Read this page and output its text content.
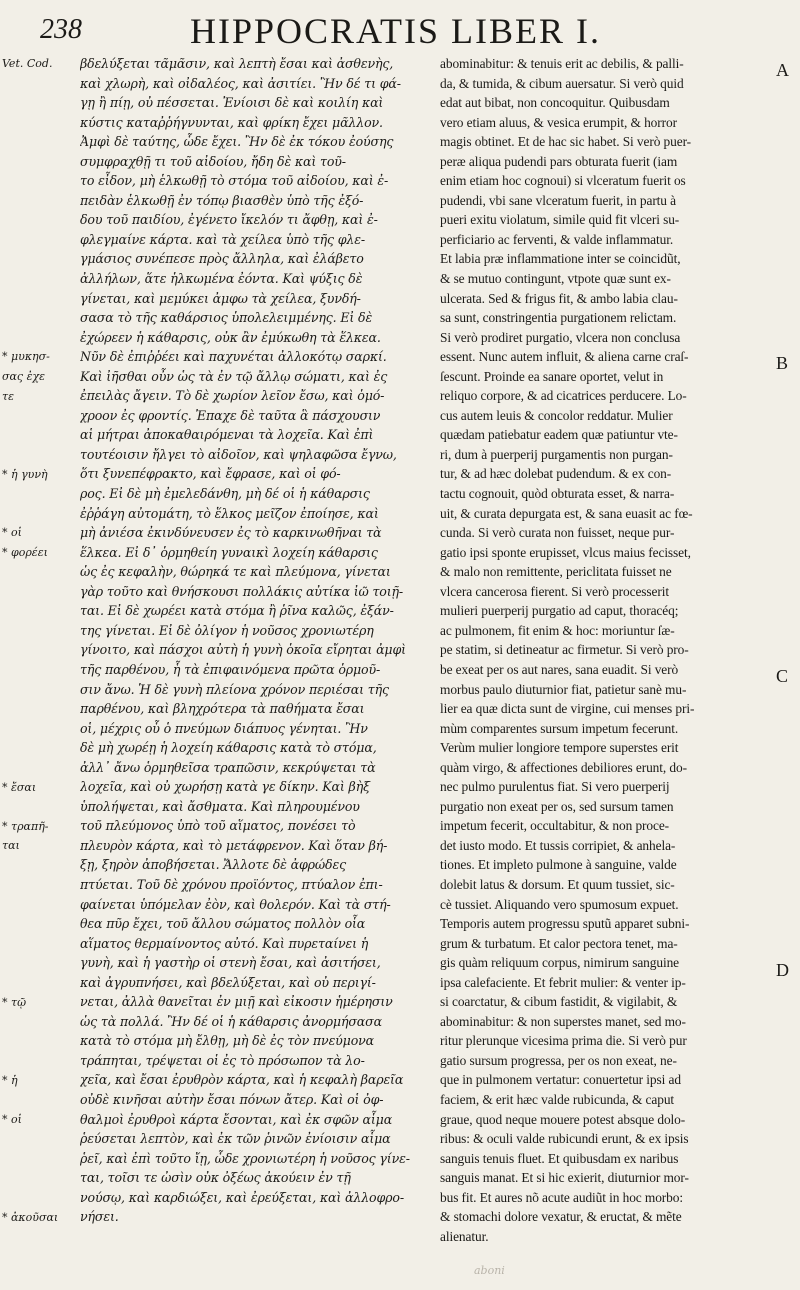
238	HIPPOCRATIS LIBER I.
Vet. Cod.
* μυκησ-
σας ἐχε
τε
* ἡ γυνὴ
* οἱ
* φορέει
* ἔσαι
* τραπῆ-
ται
* τῷ
* ἡ
* οἱ
* ἀκοῦσαι
βδελύξεται τᾶμᾶσιν, καὶ λεπτὴ ἔσαι καὶ ἀσθενὴς,
καὶ χλωρὴ, καὶ οἰδαλέος, καὶ ἀσιτίει. Ἢν δέ τι φά-
γῃ ἢ πίῃ, οὐ πέσσεται. Ἐνίοισι δὲ καὶ κοιλίη καὶ
κύστις καταῤῥήγνυνται, καὶ φρίκη ἔχει μᾶλλον.
Ἀμφὶ δὲ ταύτης, ὧδε ἔχει. Ἢν δὲ ἐκ τόκου ἐούσης
συμφραχθῇ τι τοῦ αἰδοίου, ἤδη δὲ καὶ τοῦ-
το εἶδον, μὴ ἑλκωθῇ τὸ στόμα τοῦ αἰδοίου, καὶ ἐ-
πειδὰν ἑλκωθῇ ἐν τόπῳ βιασθὲν ὑπὸ τῆς ἐξό-
δου τοῦ παιδίου, ἐγένετο ἴκελόν τι ἄφθῃ, καὶ ἐ-
φλεγμαίνε κάρτα. καὶ τὰ χείλεα ὑπὸ τῆς φλε-
γμάσιος συνέπεσε πρὸς ἄλληλα, καὶ ἐλάβετο
ἀλλήλων, ἅτε ἡλκωμένα ἐόντα. Καὶ ψύξις δὲ
γίνεται, καὶ μεμύκει ἀμφω τὰ χείλεα, ξυνδή-
σασα τὸ τῆς καθάρσιος ὑπολελειμμένης. Εἰ δὲ
ἐχώρεεν ἡ κάθαρσις, οὐκ ἂν ἐμύκωθη τὰ ἕλκεα.
Νῦν δὲ ἐπιῤῥέει καὶ παχυνέται ἀλλοκότῳ σαρκί.
Καὶ ἰῆσθαι οὖν ὡς τὰ ἐν τῷ ἄλλῳ σώματι, καὶ ἐς
ἐπειλὰς ἄγειν. Τὸ δὲ χωρίον λεῖον ἔσω, καὶ ὁμό-
χροον ἐς φροντίς. Ἐπαχε δὲ ταῦτα ἃ πάσχουσιν
αἱ μήτραι ἀποκαθαιρόμεναι τὰ λοχεῖα. Καὶ ἐπὶ
τουτέοισιν ἤλγει τὸ αἰδοῖον, καὶ ψηλαφῶσα ἔγνω,
ὅτι ξυνεπέφρακτο, καὶ ἔφρασε, καὶ οἱ φό-
ρος. Εἰ δὲ μὴ ἐμελεδάνθη, μὴ δέ οἱ ἡ κάθαρσις
ἐῤῥάγη αὐτομάτη, τὸ ἕλκος μεῖζον ἐποίησε, καὶ
μὴ ἀνιέσα ἐκινδύνευσεν ἐς τὸ καρκινωθῆναι τὰ
ἕλκεα. Εἰ δ᾽ ὁρμηθείη γυναικὶ λοχείη κάθαρσις
ὡς ἐς κεφαλὴν, θώρηκά τε καὶ πλεύμονα, γίνεται
γὰρ τοῦτο καὶ θνήσκουσι πολλάκις αὐτίκα ἰῶ τοιῇ-
ται. Εἰ δὲ χωρέει κατὰ στόμα ἢ ῥῖνα καλῶς, ἐξάν-
της γίνεται. Εἰ δὲ ὀλίγον ἡ νοῦσος χρονιωτέρη
γίνοιτο, καὶ πάσχοι αὐτὴ ἡ γυνὴ ὁκοῖα εἴρηται ἀμφὶ
τῆς παρθένου, ἧ τὰ ἐπιφαινόμενα πρῶτα ὁρμοῦ-
σιν ἄνω. Ἡ δὲ γυνὴ πλείονα χρόνον περιέσαι τῆς
παρθένου, καὶ βληχρότερα τὰ παθήματα ἔσαι
οἱ, μέχρις οὗ ὁ πνεύμων διάπυος γένηται. Ἢν
δὲ μὴ χωρέῃ ἡ λοχείη κάθαρσις κατὰ τὸ στόμα,
ἀλλ᾽ ἄνω ὁρμηθεῖσα τραπῶσιν, κεκρύψεται τὰ
λοχεῖα, καὶ οὐ χωρήσῃ κατὰ γε δίκην. Καὶ βὴξ
ὑπολήψεται, καὶ ἄσθματα. Καὶ πληρουμένου
τοῦ πλεύμονος ὑπὸ τοῦ αἵματος, πονέσει τὸ
πλευρὸν κάρτα, καὶ τὸ μετάφρενον. Καὶ ὅταν βή-
ξῃ, ξηρὸν ἀποβήσεται. Ἄλλοτε δὲ ἀφρώδες
πτύεται. Τοῦ δὲ χρόνου προϊόντος, πτύαλον ἐπι-
φαίνεται ὑπόμελαν ἐὸν, καὶ θολερόν. Καὶ τὰ στή-
θεα πῦρ ἔχει, τοῦ ἄλλου σώματος πολλὸν οἷα
αἵματος θερμαίνοντος αὐτό. Καὶ πυρεταίνει ἡ
γυνὴ, καὶ ἡ γαστὴρ οἱ στενὴ ἔσαι, καὶ ἀσιτήσει,
καὶ ἀγρυπνήσει, καὶ βδελύξεται, καὶ οὐ περιγί-
νεται, ἀλλὰ θανεῖται ἐν μιῇ καὶ εἰκοσιν ἡμέρησιν
ὡς τὰ πολλά. Ἢν δέ οἱ ἡ κάθαρσις ἀνορμήσασα
κατὰ τὸ στόμα μὴ ἔλθῃ, μὴ δὲ ἐς τὸν πνεύμονα
τράπηται, τρέψεται οἱ ἐς τὸ πρόσωπον τὰ λο-
χεῖα, καὶ ἔσαι ἐρυθρὸν κάρτα, καὶ ἡ κεφαλὴ βαρεῖα
οὐδὲ κινῆσαι αὐτὴν ἔσαι πόνων ἄτερ. Καὶ οἱ ὀφ-
θαλμοὶ ἐρυθροὶ κάρτα ἔσονται, καὶ ἐκ σφῶν αἷμα
ῥεύσεται λεπτὸν, καὶ ἐκ τῶν ῥινῶν ἐνίοισιν αἷμα
ῥεῖ, καὶ ἐπὶ τοῦτο ἴῃ, ὧδε χρονιωτέρη ἡ νοῦσος γίνε-
ται, τοῖσι τε ὠσὶν οὐκ ὀξέως ἀκούειν ἐν τῇ
νούσῳ, καὶ καρδιώξει, καὶ ἐρεύξεται, καὶ ἀλλοφρο-
νήσει.
abominabitur: & tenuis erit ac debilis, & palli-
da, & tumida, & cibum auersatur. Si verò quid
edat aut bibat, non concoquitur. Quibusdam
vero etiam aluus, & vesica erumpit, & horror
magis obtinet. Et de hac sic habet. Si verò puer-
peræ aliqua pudendi pars obturata fuerit (iam
enim etiam hoc cognoui) si vlceratum fuerit os
pudendi, vbi sane vlceratum fuerit, in partu à
pueri exitu violatum, simile quid fit vlceri su-
perficiario ac ferventi, & valde inflammatur.
Et labia præ inflammatione inter se coincidũt,
& se mutuo contingunt, vtpote quæ sunt ex-
ulcerata. Sed & frigus fit, & ambo labia clau-
sa sunt, constringentia purgationem relictam.
Si verò prodiret purgatio, vlcera non conclusa
essent. Nunc autem influit, & aliena carne craſ-
ſescunt. Proinde ea sanare oportet, velut in
reliquo corpore, & ad cicatrices perducere. Lo-
cus autem leuis & concolor reddatur. Mulier
quædam patiebatur eadem quæ patiuntur vte-
ri, dum à puerperij purgamentis non purgan-
tur, & ad hæc dolebat pudendum. & ex con-
tactu cognouit, quòd obturata esset, & narra-
uit, & curata depurgata est, & sana euasit ac fœ-
cunda. Si verò curata non fuisset, neque pur-
gatio ipsi sponte erupisset, vlcus maius fecisset,
& malo non remittente, periclitata fuisset ne
vlcera cancerosa fierent. Si verò processerit
mulieri puerperij purgatio ad caput, thoracéq;
ac pulmonem, fit enim & hoc: moriuntur ſæ-
pe statim, si detineatur ac firmetur. Si verò pro-
be exeat per os aut nares, sana euadit. Si verò
morbus paulo diuturnior fiat, patietur sanè mu-
lier ea quæ dicta sunt de virgine, cui menses pri-
mùm comparentes sursum impetum fecerunt.
Verùm mulier longiore tempore superstes erit
quàm virgo, & affectiones debiliores erunt, do-
nec pulmo purulentus fiat. Si vero puerperij
purgatio non exeat per os, sed sursum tamen
impetum fecerit, occultabitur, & non proce-
det iusto modo. Et tussis corripiet, & anhela-
tiones. Et impleto pulmone à sanguine, valde
dolebit latus & dorsum. Et quum tussiet, sic-
cè tussiet. Aliquando vero spumosum expuet.
Temporis autem progressu sputũ apparet subni-
grum & turbatum. Et calor pectora tenet, ma-
gis quàm reliquum corpus, nimirum sanguine
ipsa calefaciente. Et febrit mulier: & venter ip-
si coarctatur, & cibum fastidit, & vigilabit, &
abominabitur: & non superstes manet, sed mo-
ritur plerunque vicesima prima die. Si verò pur
gatio sursum progressa, per os non exeat, ne-
que in pulmonem vertatur: conuertetur ipsi ad
faciem, & erit hæc valde rubicunda, & caput
graue, quod neque mouere potest absque dolo-
ribus: & oculi valde rubicundi erunt, & ex ipsis
sanguis tenuis fluet. Et quibusdam ex naribus
sanguis manat. Et si hic exierit, diuturnior mor-
bus fit. Et aures nõ acute audiũt in hoc morbo:
& stomachi dolore vexatur, & eructat, & mẽte
alienatur.
A
B
C
D
aboni
